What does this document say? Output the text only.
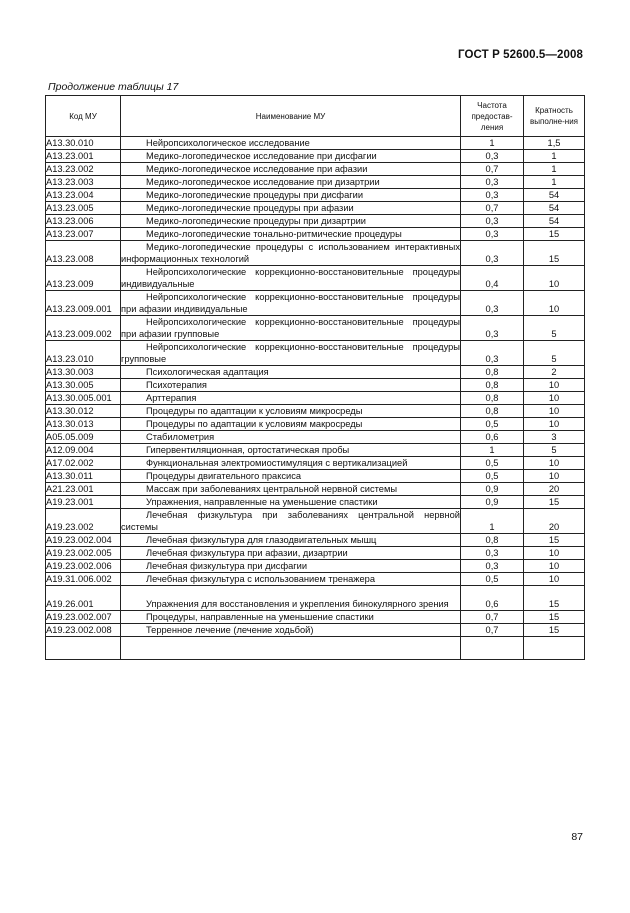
ГОСТ Р 52600.5—2008
Продолжение таблицы 17
Код МУ	Наименование МУ	Частота предостав-ления	Кратность выполне-ния
A13.30.010	Нейропсихологическое исследование	1	1,5
A13.23.001	Медико-логопедическое исследование при дисфагии	0,3	1
A13.23.002	Медико-логопедическое исследование при афазии	0,7	1
A13.23.003	Медико-логопедическое исследование при дизартрии	0,3	1
A13.23.004	Медико-логопедические процедуры при дисфагии	0,3	54
A13.23.005	Медико-логопедические процедуры при афазии	0,7	54
A13.23.006	Медико-логопедические процедуры при дизартрии	0,3	54
A13.23.007	Медико-логопедические тонально-ритмические процедуры	0,3	15
A13.23.008	Медико-логопедические процедуры с использованием интерактивных информационных технологий	0,3	15
A13.23.009	Нейропсихологические коррекционно-восстановительные процедуры индивидуальные	0,4	10
A13.23.009.001	Нейропсихологические коррекционно-восстановительные процедуры при афазии индивидуальные	0,3	10
A13.23.009.002	Нейропсихологические коррекционно-восстановительные процедуры при афазии групповые	0,3	5
A13.23.010	Нейропсихологические коррекционно-восстановительные процедуры групповые	0,3	5
A13.30.003	Психологическая адаптация	0,8	2
A13.30.005	Психотерапия	0,8	10
A13.30.005.001	Арттерапия	0,8	10
A13.30.012	Процедуры по адаптации к условиям микросреды	0,8	10
A13.30.013	Процедуры по адаптации к условиям макросреды	0,5	10
A05.05.009	Стабилометрия	0,6	3
A12.09.004	Гипервентиляционная, ортостатическая пробы	1	5
A17.02.002	Функциональная электромиостимуляция с вертикализацией	0,5	10
A13.30.011	Процедуры двигательного праксиса	0,5	10
A21.23.001	Массаж при заболеваниях центральной нервной системы	0,9	20
A19.23.001	Упражнения, направленные на уменьшение спастики	0,9	15
A19.23.002	Лечебная физкультура при заболеваниях центральной нервной системы	1	20
A19.23.002.004	Лечебная физкультура для глазодвигательных мышц	0,8	15
A19.23.002.005	Лечебная физкультура при афазии, дизартрии	0,3	10
A19.23.002.006	Лечебная физкультура при дисфагии	0,3	10
A19.31.006.002	Лечебная физкультура с использованием тренажера	0,5	10
A19.26.001	Упражнения для восстановления и укрепления бинокулярного зрения	0,6	15
A19.23.002.007	Процедуры, направленные на уменьшение спастики	0,7	15
A19.23.002.008	Терренное лечение (лечение ходьбой)	0,7	15

87
